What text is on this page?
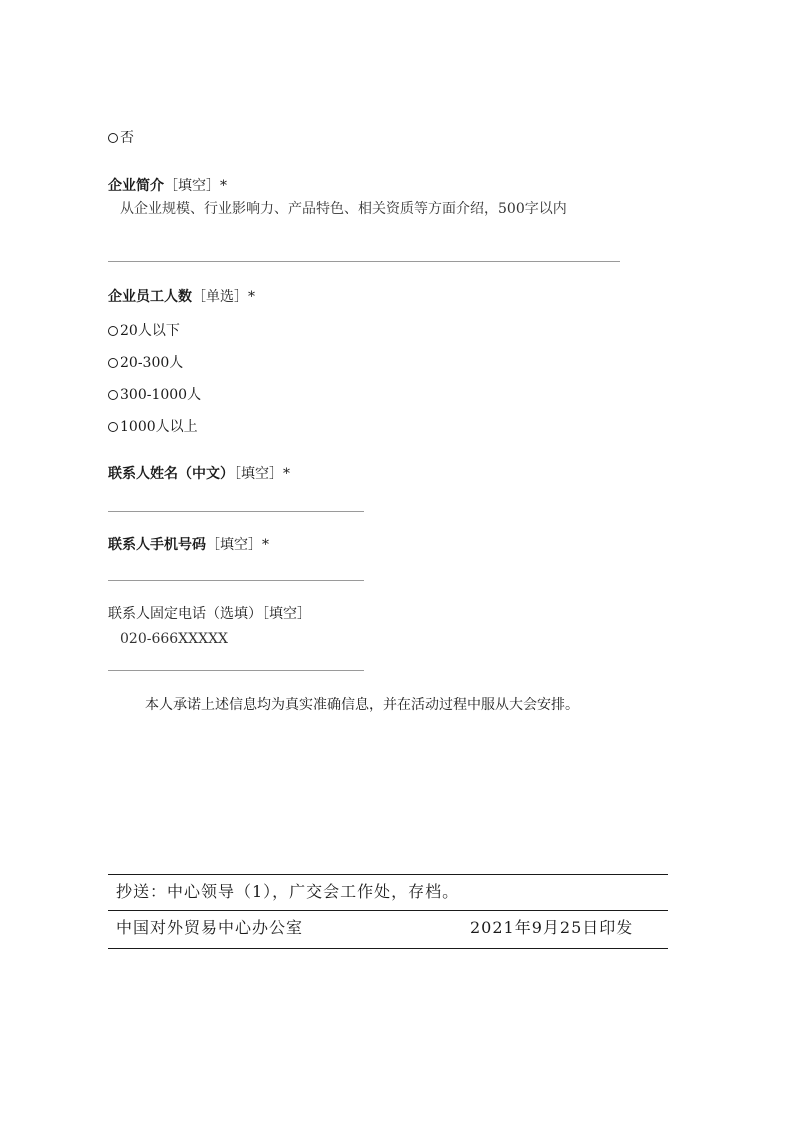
否
企业简介［填空］*
从企业规模、行业影响力、产品特色、相关资质等方面介绍，500字以内
企业员工人数［单选］*
20人以下
20-300人
300-1000人
1000人以上
联系人姓名（中文）［填空］*
联系人手机号码［填空］*
联系人固定电话（选填）［填空］
020-666XXXXX
本人承诺上述信息均为真实准确信息，并在活动过程中服从大会安排。
抄送：中心领导（1），广交会工作处，存档。
中国对外贸易中心办公室	2021年9月25日印发
